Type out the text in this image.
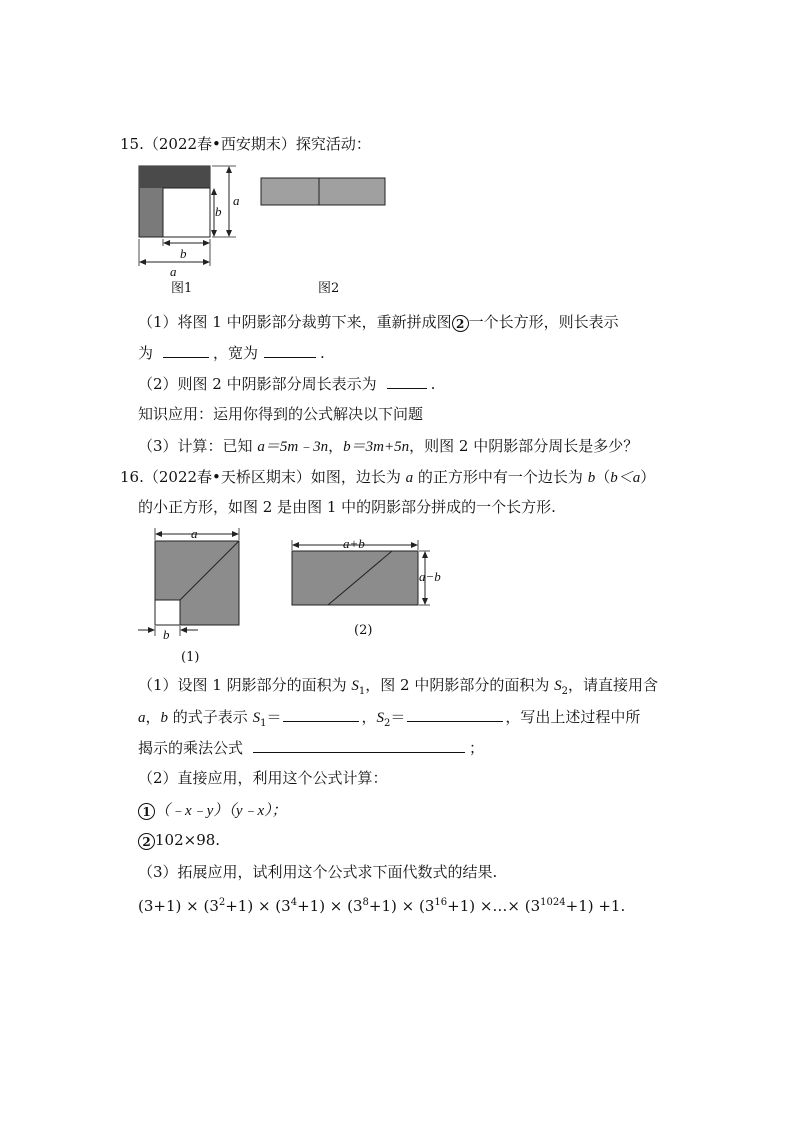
15.（2022春•西安期末）探究活动：
a
b
b
a
图1	图2
（1）将图 1 中阴影部分裁剪下来，重新拼成图 2 一个长方形，则长表示
为	，宽为	.
（2）则图 2 中阴影部分周长表示为	.
知识应用：运用你得到的公式解决以下问题
（3）计算：已知 a＝5m﹣3n，b＝3m+5n，则图 2 中阴影部分周长是多少？
16.（2022春•天桥区期末）如图，边长为 a 的正方形中有一个边长为 b（b＜a）
的小正方形，如图 2 是由图 1 中的阴影部分拼成的一个长方形.
a
b
(1)
a+b
a−b
(2)
（1）设图 1 阴影部分的面积为 $S_1$，图 2 中阴影部分的面积为 $S_2$，请直接用含
a，b 的式子表示 $S_1=$	，$S_2=$	，写出上述过程中所
揭示的乘法公式	；
（2）直接应用，利用这个公式计算：
1 （﹣x﹣y）（y﹣x）；
2 102×98.
（3）拓展应用，试利用这个公式求下面代数式的结果.
$(3+1) \times (3^2+1) \times (3^4+1) \times (3^8+1) \times (3^{16}+1)$ ×…× $(3^{1024}+1) +1$.
